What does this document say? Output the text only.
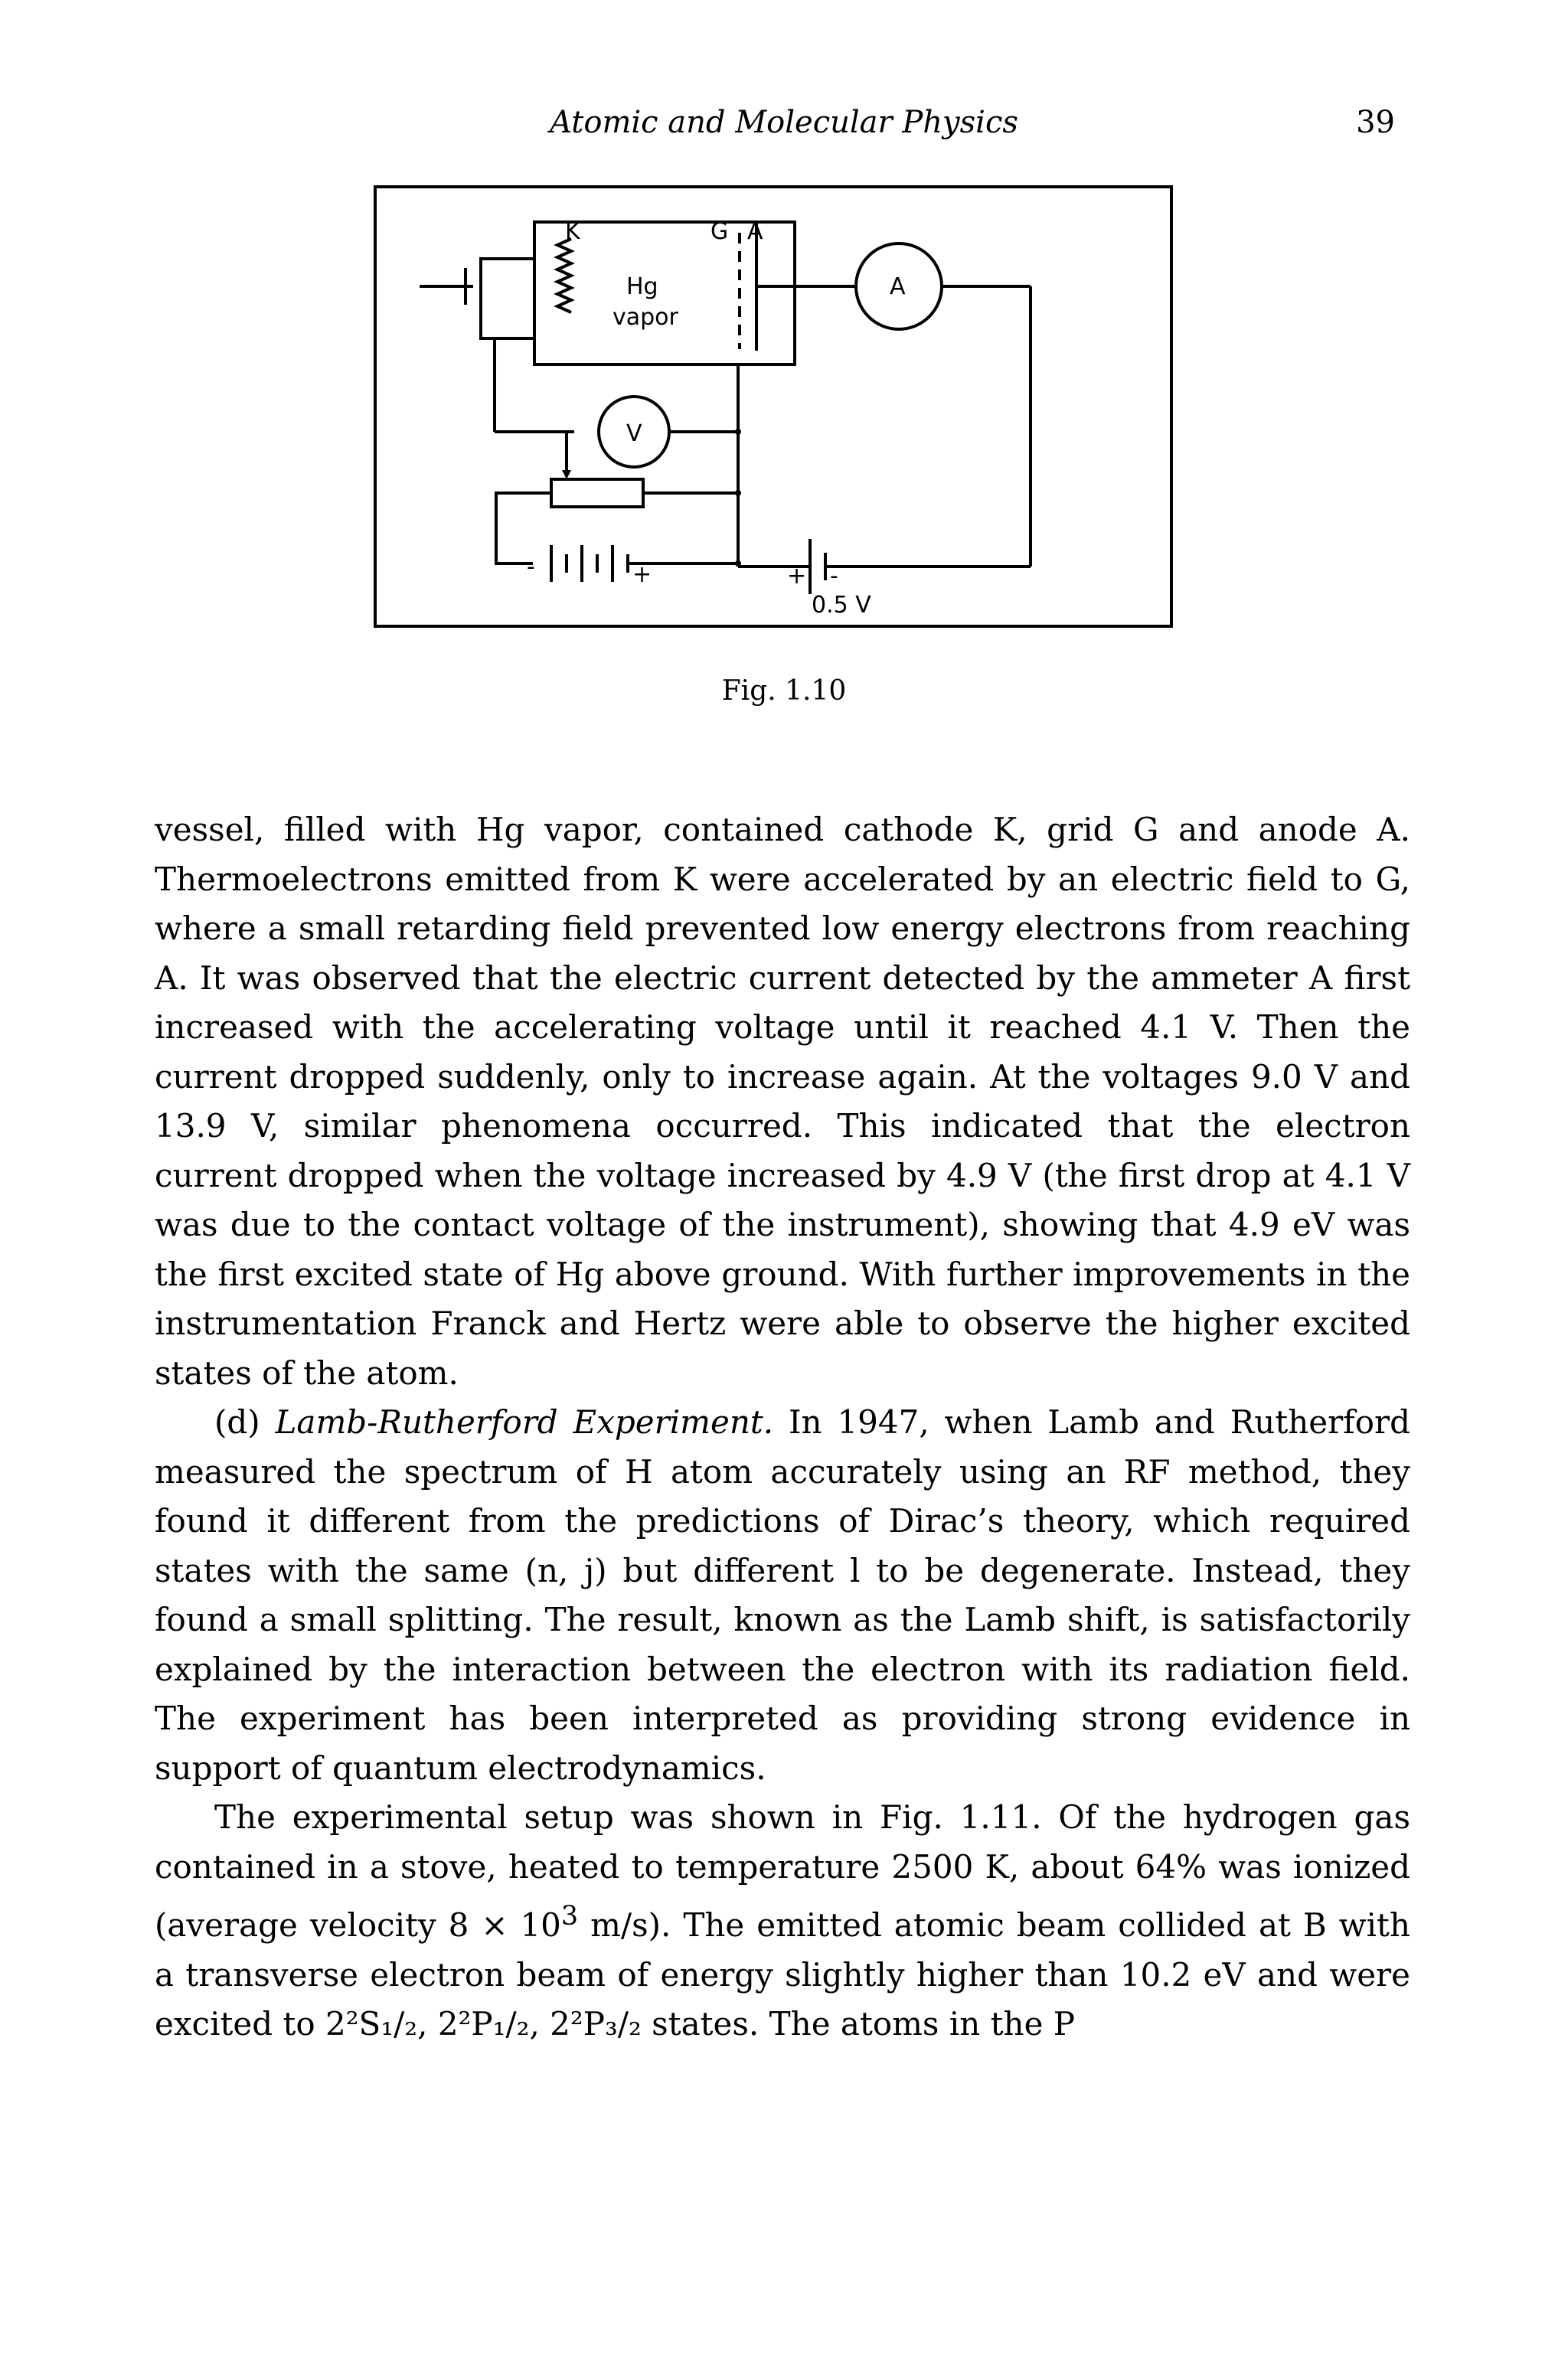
Atomic and Molecular Physics	39
K	G A
Hg
vapor
A
V
-	+	+ -
0.5 V
Fig. 1.10

vessel, filled with Hg vapor, contained cathode K, grid G and anode A. Thermoelectrons emitted from K were accelerated by an electric field to G, where a small retarding field prevented low energy electrons from reaching A. It was observed that the electric current detected by the ammeter A first increased with the accelerating voltage until it reached 4.1 V. Then the current dropped suddenly, only to increase again. At the voltages 9.0 V and 13.9 V, similar phenomena occurred. This indicated that the electron current dropped when the voltage increased by 4.9 V (the first drop at 4.1 V was due to the contact voltage of the instrument), showing that 4.9 eV was the first excited state of Hg above ground. With further improvements in the instrumentation Franck and Hertz were able to observe the higher excited states of the atom.

(d) Lamb-Rutherford Experiment. In 1947, when Lamb and Rutherford measured the spectrum of H atom accurately using an RF method, they found it different from the predictions of Dirac’s theory, which required states with the same (n, j) but different l to be degenerate. Instead, they found a small splitting. The result, known as the Lamb shift, is satisfactorily explained by the interaction between the electron with its radiation field. The experiment has been interpreted as providing strong evidence in support of quantum electrodynamics.

The experimental setup was shown in Fig. 1.11. Of the hydrogen gas contained in a stove, heated to temperature 2500 K, about 64% was ionized (average velocity $8 \times 10^3$ m/s). The emitted atomic beam collided at B with a transverse electron beam of energy slightly higher than 10.2 eV and were excited to 2²S₁/₂, 2²P₁/₂, 2²P₃/₂ states. The atoms in the P
